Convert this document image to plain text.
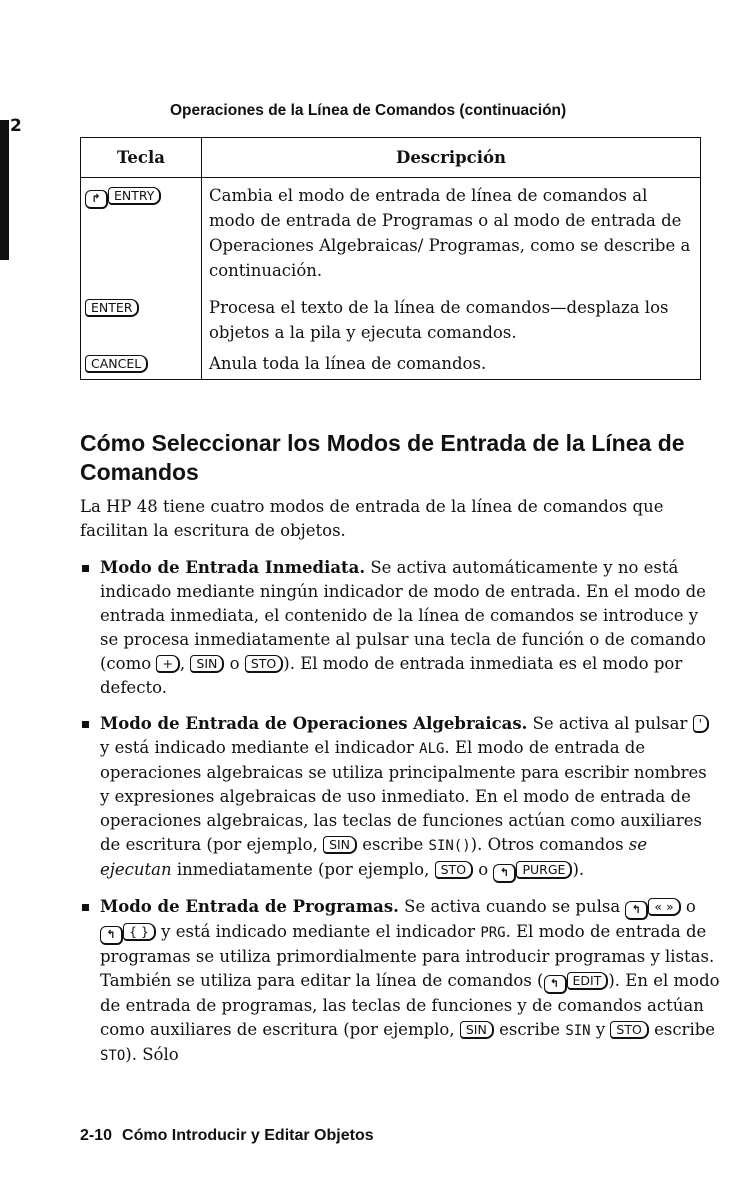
2
Operaciones de la Línea de Comandos (continuación)
Tecla	Descripción
↱ ENTRY	Cambia el modo de entrada de línea de comandos al modo de entrada de Programas o al modo de entrada de Operaciones Algebraicas/ Programas, como se describe a continuación.
ENTER	Procesa el texto de la línea de comandos—desplaza los objetos a la pila y ejecuta comandos.
CANCEL	Anula toda la línea de comandos.
Cómo Seleccionar los Modos de Entrada de la Línea de Comandos
La HP 48 tiene cuatro modos de entrada de la línea de comandos que facilitan la escritura de objetos.
Modo de Entrada Inmediata. Se activa automáticamente y no está indicado mediante ningún indicador de modo de entrada. En el modo de entrada inmediata, el contenido de la línea de comandos se introduce y se procesa inmediatamente al pulsar una tecla de función o de comando (como + , SIN o STO ). El modo de entrada inmediata es el modo por defecto.
Modo de Entrada de Operaciones Algebraicas. Se activa al pulsar ' y está indicado mediante el indicador ALG. El modo de entrada de operaciones algebraicas se utiliza principalmente para escribir nombres y expresiones algebraicas de uso inmediato. En el modo de entrada de operaciones algebraicas, las teclas de funciones actúan como auxiliares de escritura (por ejemplo, SIN escribe SIN()). Otros comandos se ejecutan inmediatamente (por ejemplo, STO o ↰ PURGE ).
Modo de Entrada de Programas. Se activa cuando se pulsa ↰ « » o ↰ { } y está indicado mediante el indicador PRG. El modo de entrada de programas se utiliza primordialmente para introducir programas y listas. También se utiliza para editar la línea de comandos ( ↰ EDIT ). En el modo de entrada de programas, las teclas de funciones y de comandos actúan como auxiliares de escritura (por ejemplo, SIN escribe SIN y STO escribe STO). Sólo
2-10 Cómo Introducir y Editar Objetos
